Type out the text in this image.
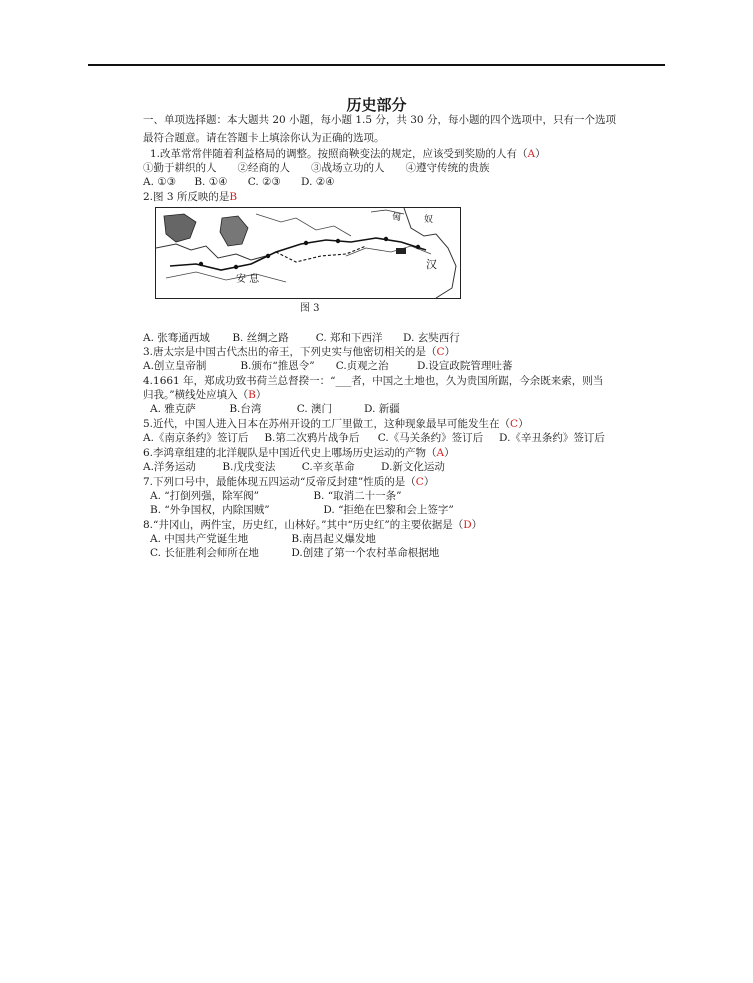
历史部分
一、单项选择题：本大题共 20 小题，每小题 1.5 分，共 30 分，每小题的四个选项中，只有一个选项
最符合题意。请在答题卡上填涂你认为正确的选项。
1.改革常常伴随着利益格局的调整。按照商鞅变法的规定，应该受到奖励的人有（A）
①勤于耕织的人　　②经商的人　　③战场立功的人　　④遵守传统的贵族
A. ①③ B. ①④ C. ②③ D. ②④
2.图 3 所反映的是B
安 息
汉
匈	奴
图 3
A. 张骞通西域 B. 丝绸之路	C. 郑和下西洋 D. 玄奘西行
3.唐太宗是中国古代杰出的帝王，下列史实与他密切相关的是（C）
A.创立皇帝制	B.颁布“推恩令” C.贞观之治	D.设宣政院管理吐蕃
4.1661 年，郑成功致书荷兰总督揆一：“___者，中国之土地也，久为贵国所踞，今余既来索，则当
归我。”横线处应填入（B）
A. 雅克萨	B.台湾	C. 澳门	D. 新疆
5.近代，中国人进入日本在苏州开设的工厂里做工，这种现象最早可能发生在（C）
A.《南京条约》签订后 B.第二次鸦片战争后 C.《马关条约》签订后 D.《辛丑条约》签订后
6.李鸿章组建的北洋舰队是中国近代史上哪场历史运动的产物（A）
A.洋务运动	B.戊戌变法	C.辛亥革命	D.新文化运动
7.下列口号中，最能体现五四运动“反帝反封建”性质的是（C）
A. “打倒列强，除军阀”	B. “取消二十一条”
B. “外争国权，内除国贼”	D. “拒绝在巴黎和会上签字”
8.“井冈山，两件宝，历史红，山林好。”其中“历史红”的主要依据是（D）
A. 中国共产党诞生地	B.南昌起义爆发地
C. 长征胜利会师所在地	D.创建了第一个农村革命根据地
